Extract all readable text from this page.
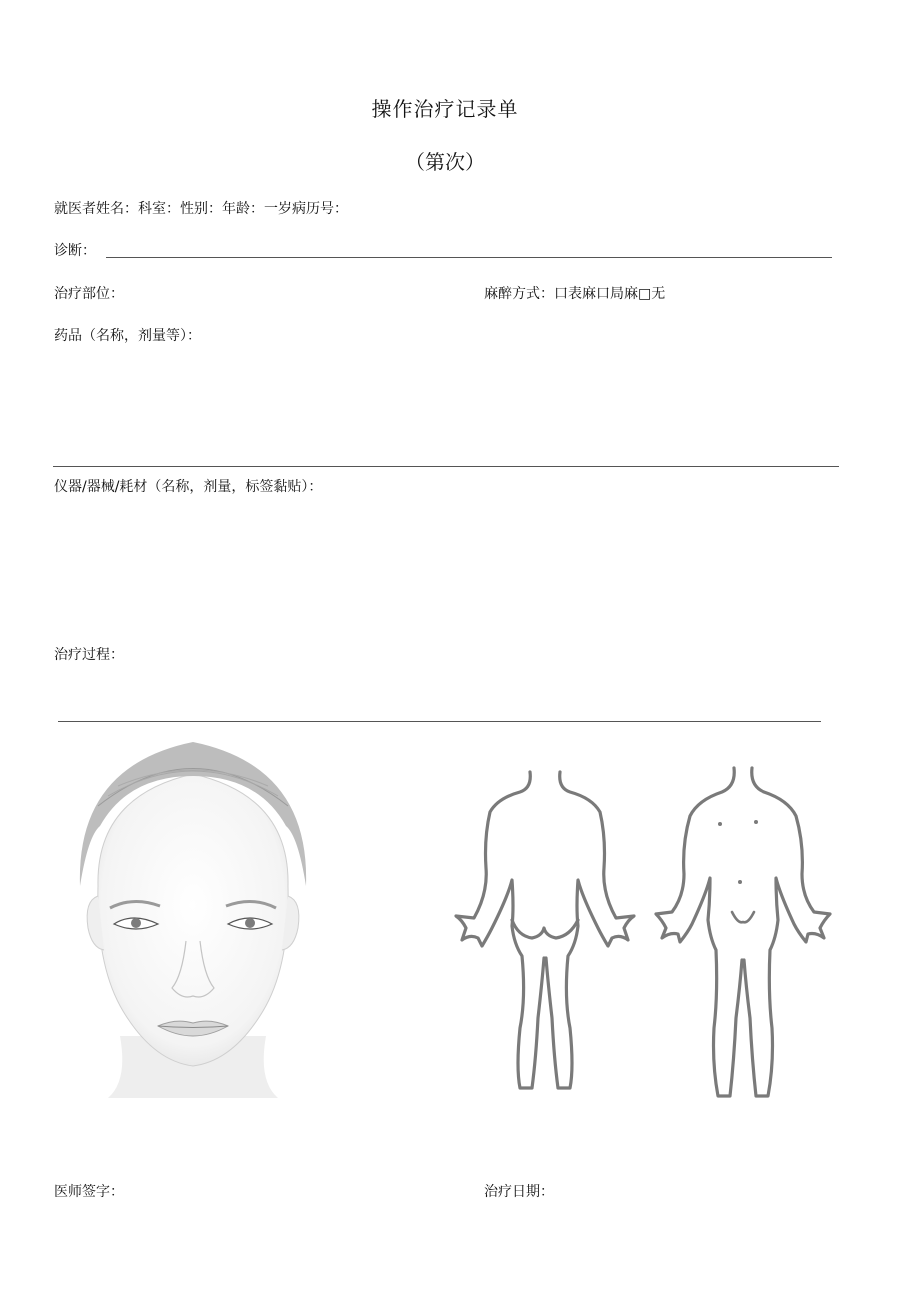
操作治疗记录单
（第次）
就医者姓名：科室：性别：年龄：一岁病历号：
诊断：
治疗部位：	麻醉方式：口表麻口局麻□无
药品（名称，剂量等）：
仪器/器械/耗材（名称，剂量，标签黏贴）：
治疗过程：
医师签字：	治疗日期：
